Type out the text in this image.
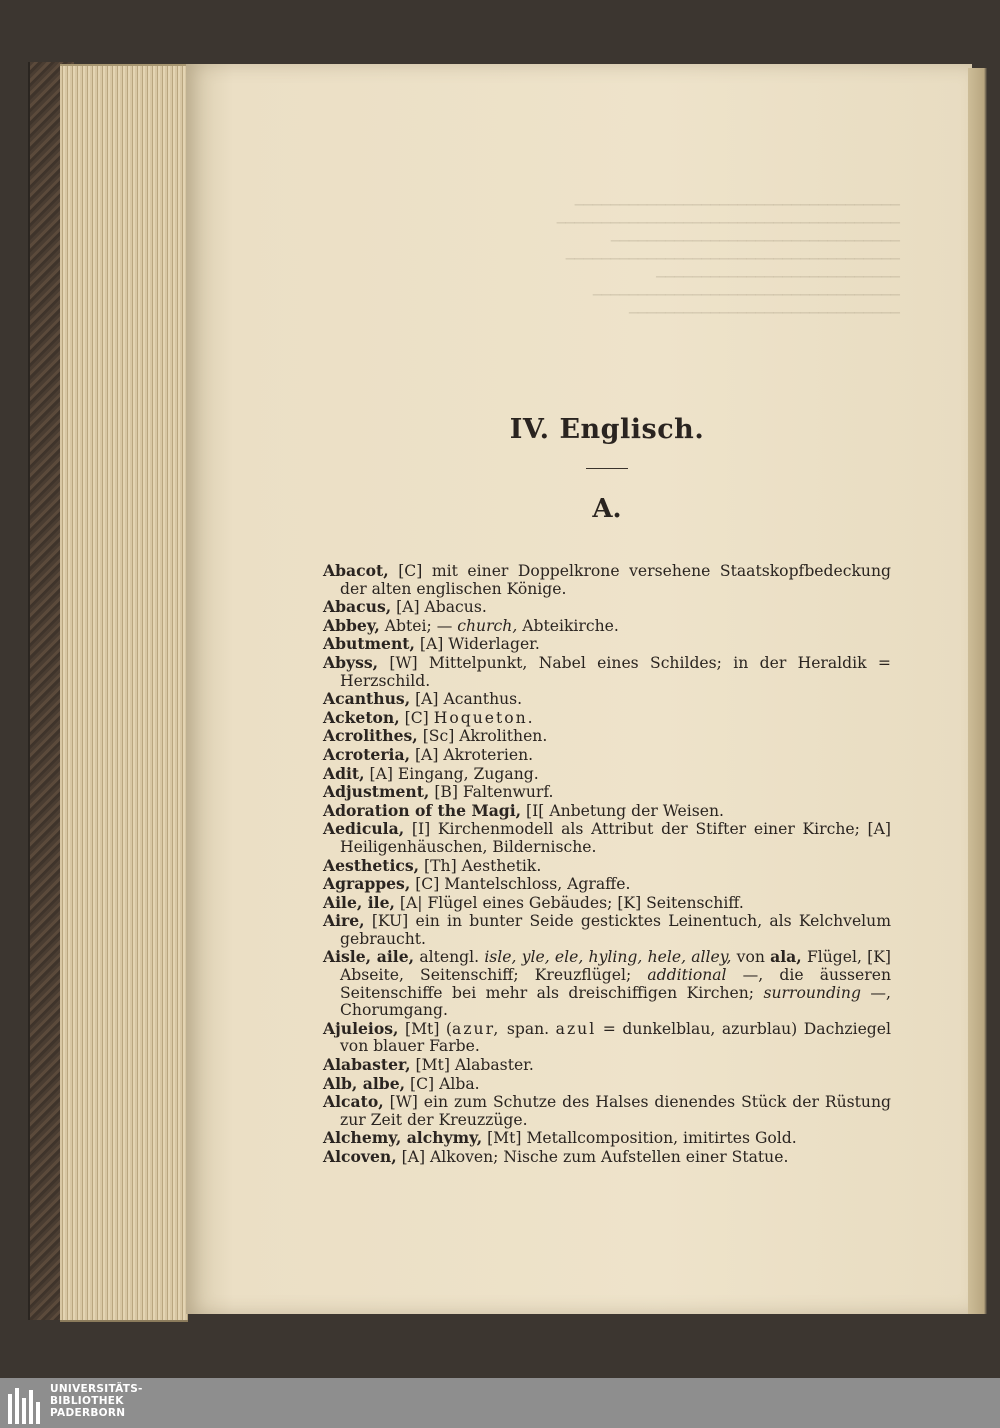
────────────────────────────────────
──────────────────────────────────────
────────────────────────────────
─────────────────────────────────────
───────────────────────────
──────────────────────────────────
──────────────────────────────
IV. Englisch.
A.

Abacot, [C] mit einer Doppelkrone versehene Staatskopfbedeckung der alten englischen Könige.

Abacus, [A] Abacus.

Abbey, Abtei; — church, Abteikirche.

Abutment, [A] Widerlager.

Abyss, [W] Mittelpunkt, Nabel eines Schildes; in der Heraldik = Herzschild.

Acanthus, [A] Acanthus.

Acketon, [C] Hoqueton.

Acrolithes, [Sc] Akrolithen.

Acroteria, [A] Akroterien.

Adit, [A] Eingang, Zugang.

Adjustment, [B] Faltenwurf.

Adoration of the Magi, [I[ Anbetung der Weisen.

Aedicula, [I] Kirchenmodell als Attribut der Stifter einer Kirche; [A] Heiligenhäuschen, Bildernische.

Aesthetics, [Th] Aesthetik.

Agrappes, [C] Mantelschloss, Agraffe.

Aile, ile, [A| Flügel eines Gebäudes; [K] Seitenschiff.

Aire, [KU] ein in bunter Seide gesticktes Leinentuch, als Kelchvelum gebraucht.

Aisle, aile, altengl. isle, yle, ele, hyling, hele, alley, von ala, Flügel, [K] Abseite, Seitenschiff; Kreuzflügel; additional —, die äusseren Seitenschiffe bei mehr als dreischiffigen Kirchen; surrounding —, Chorumgang.

Ajuleios, [Mt] (azur, span. azul = dunkelblau, azurblau) Dachziegel von blauer Farbe.

Alabaster, [Mt] Alabaster.

Alb, albe, [C] Alba.

Alcato, [W] ein zum Schutze des Halses dienendes Stück der Rüstung zur Zeit der Kreuzzüge.

Alchemy, alchymy, [Mt] Metallcomposition, imitirtes Gold.

Alcoven, [A] Alkoven; Nische zum Aufstellen einer Statue.

UNIVERSITÄTS-
BIBLIOTHEK
PADERBORN
